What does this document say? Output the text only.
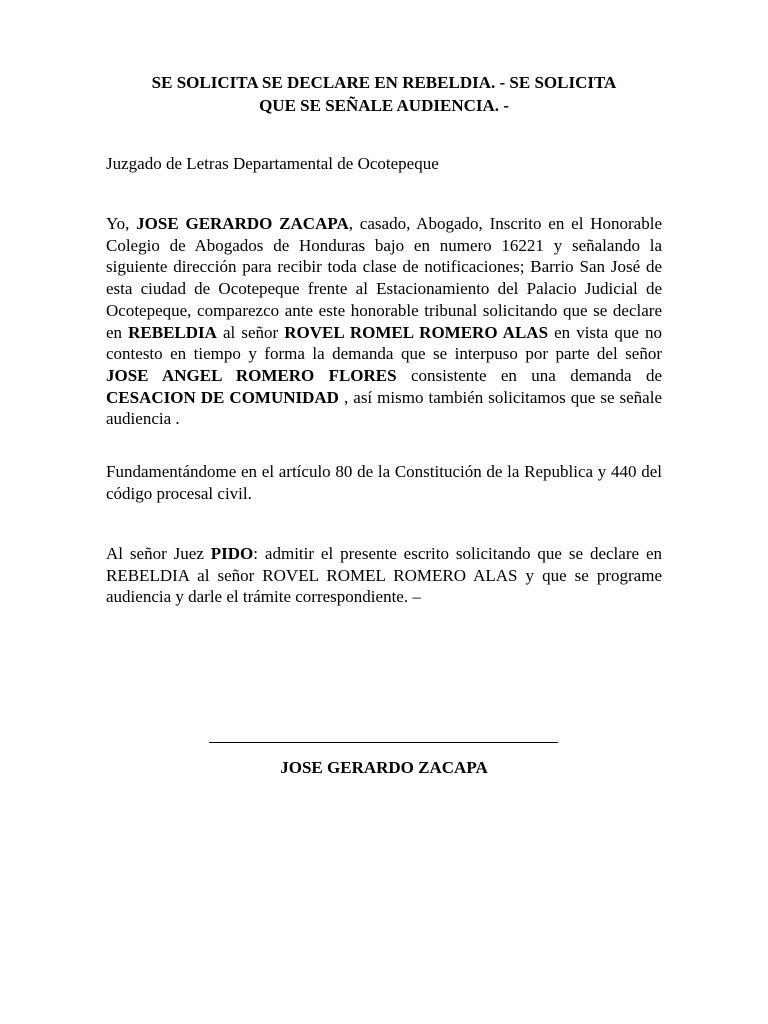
SE SOLICITA SE DECLARE EN REBELDIA. - SE SOLICITA
QUE SE SEÑALE AUDIENCIA. -
Juzgado de Letras Departamental de Ocotepeque

Yo, JOSE GERARDO ZACAPA, casado, Abogado, Inscrito en el Honorable Colegio de Abogados de Honduras bajo en numero 16221 y señalando la siguiente dirección para recibir toda clase de notificaciones; Barrio San José de esta ciudad de Ocotepeque frente al Estacionamiento del Palacio Judicial de Ocotepeque, comparezco ante este honorable tribunal solicitando que se declare en REBELDIA al señor ROVEL ROMEL ROMERO ALAS en vista que no contesto en tiempo y forma la demanda que se interpuso por parte del señor JOSE ANGEL ROMERO FLORES consistente en una demanda de CESACION DE COMUNIDAD , así mismo también solicitamos que se señale audiencia .

Fundamentándome en el artículo 80 de la Constitución de la Republica y 440 del código procesal civil.

Al señor Juez PIDO: admitir el presente escrito solicitando que se declare en REBELDIA al señor ROVEL ROMEL ROMERO ALAS y que se programe audiencia y darle el trámite correspondiente. –

JOSE GERARDO ZACAPA
